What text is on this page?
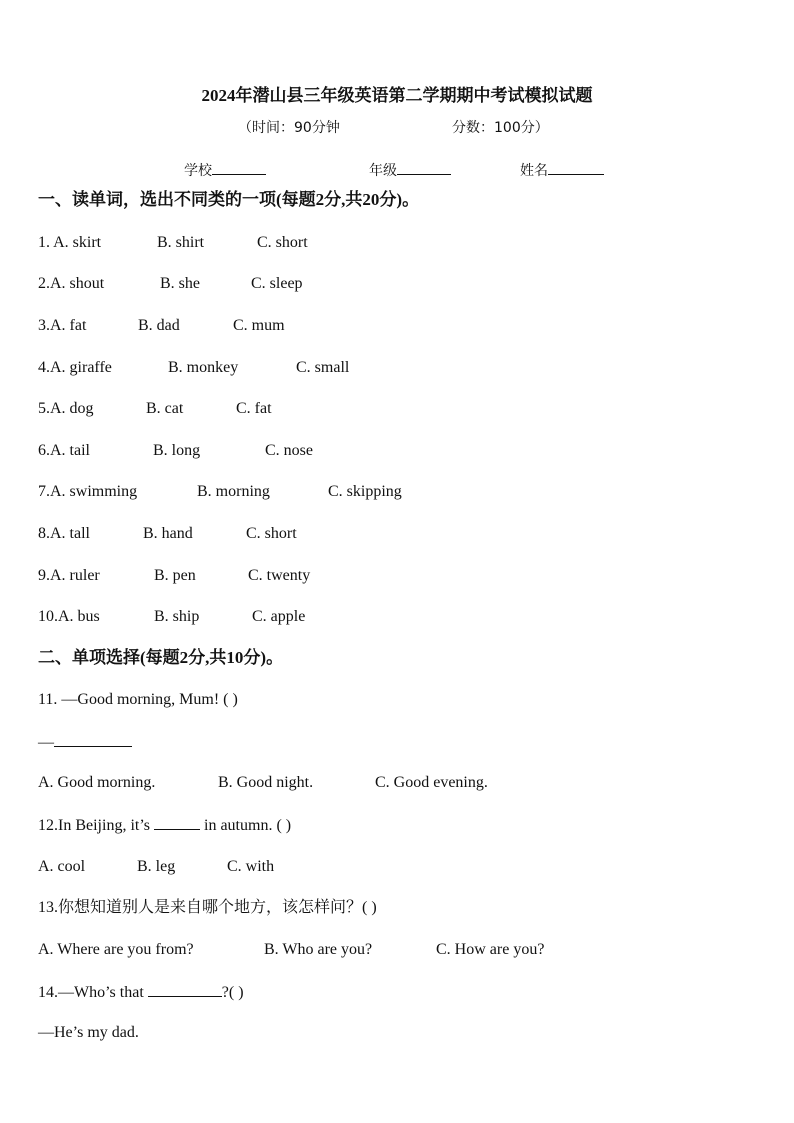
2024年潜山县三年级英语第二学期期中考试模拟试题
（时间：90分钟	分数：100分）
学校	年级	姓名
一、读单词，选出不同类的一项(每题2分,共20分)。
1. A. skirt	B. shirt	C. short
2.A. shout	B. she	C. sleep
3.A. fat	B. dad	C. mum
4.A. giraffe	B. monkey	C. small
5.A. dog	B. cat	C. fat
6.A. tail	B. long	C. nose
7.A. swimming	B. morning	C. skipping
8.A. tall	B. hand	C. short
9.A. ruler	B. pen	C. twenty
10.A. bus	B. ship	C. apple
二、单项选择(每题2分,共10分)。
11. —Good morning, Mum! ( )
—
A. Good morning.	B. Good night.	C. Good evening.
12.In Beijing, it’s	in autumn. ( )
A. cool	B. leg	C. with
13.你想知道别人是来自哪个地方，该怎样问？( )
A. Where are you from?	B. Who are you?	C. How are you?
14.—Who’s that	?( )
—He’s my dad.
